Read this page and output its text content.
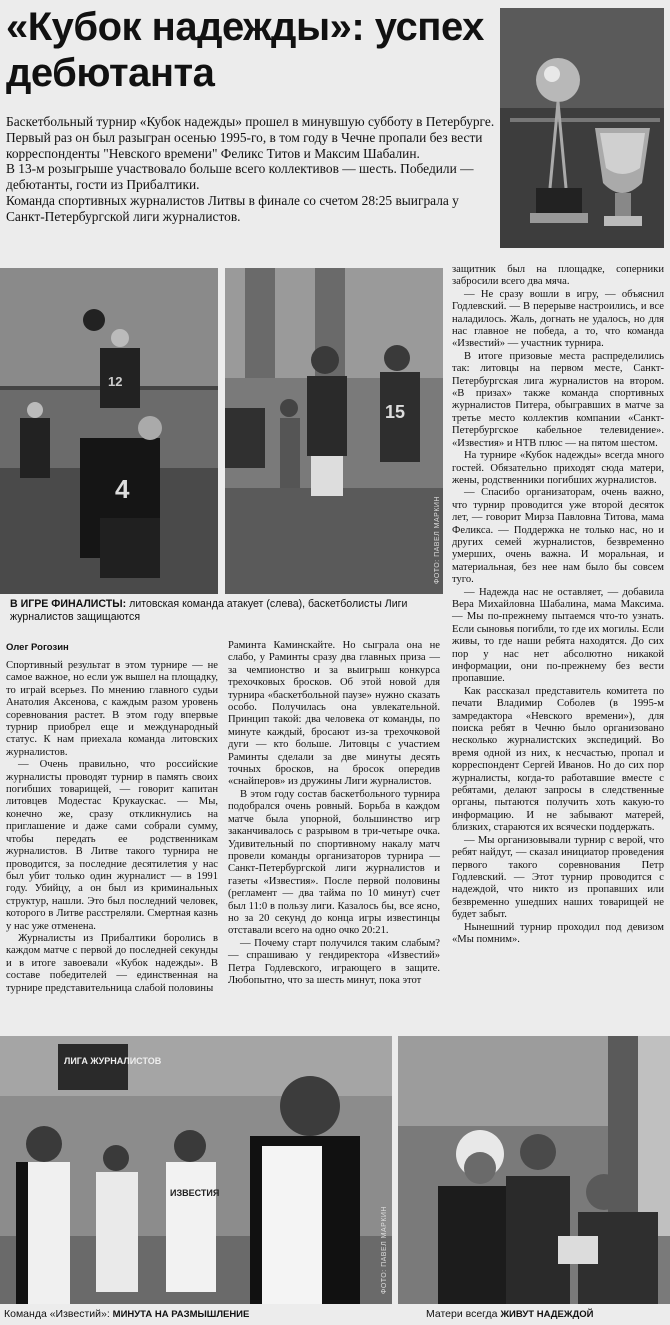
«Кубок надежды»: успех дебютанта

Баскетбольный турнир «Кубок надежды» прошел в минувшую субботу в Петербурге. Первый раз он был разыгран осенью 1995-го, в том году в Чечне пропали без вести корреспонденты "Невского времени" Феликс Титов и Максим Шабалин.

В 13-м розыгрыше участвовало больше всего коллективов — шесть. Победили — дебютанты, гости из Прибалтики.

Команда спортивных журналистов Литвы в финале со счетом 28:25 выиграла у Санкт-Петербургской лиги журналистов.

4
12
15
ФОТО: ПАВЕЛ МАРКИН
В ИГРЕ ФИНАЛИСТЫ: литовская команда атакует (слева), баскетболисты Лиги журналистов защищаются
Олег Рогозин

Спортивный результат в этом турнире — не самое важное, но если уж вышел на площадку, то играй всерьез. По мнению главного судьи Анатолия Аксенова, с каждым разом уровень соревнования растет. В этом году впервые турнир приобрел еще и международный статус. К нам приехала команда литовских журналистов.

— Очень правильно, что российские журналисты проводят турнир в память своих погибших товарищей, — говорит капитан литовцев Модестас Крукаускас. — Мы, конечно же, сразу откликнулись на приглашение и даже сами собрали сумму, чтобы передать ее родственникам журналистов. В Литве такого турнира не проводится, за последние десятилетия у нас был убит только один журналист — в 1991 году. Убийцу, а он был из криминальных структур, нашли. Это был последний человек, которого в Литве расстреляли. Смертная казнь у нас уже отменена.

Журналисты из Прибалтики боролись в каждом матче с первой до последней секунды и в итоге завоевали «Кубок надежды». В составе победителей — единственная на турнире представительница слабой половины

Раминта Каминскайте. Но сыграла она не слабо, у Раминты сразу два главных приза — за чемпионство и за выигрыш конкурса трехочковых бросков. Об этой новой для турнира «баскетбольной паузе» нужно сказать особо. Получилась она увлекательной. Принцип такой: два человека от команды, по минуте каждый, бросают из-за трехочковой дуги — кто больше. Литовцы с участием Раминты сделали за две минуты десять точных бросков, на бросок опередив «снайперов» из дружины Лиги журналистов.

В этом году состав баскетбольного турнира подобрался очень ровный. Борьба в каждом матче была упорной, большинство игр заканчивалось с разрывом в три-четыре очка. Удивительный по спортивному накалу матч провели команды организаторов турнира — Санкт-Петербургской лиги журналистов и газеты «Известия». После первой половины (регламент — два тайма по 10 минут) счет был 11:0 в пользу лиги. Казалось бы, все ясно, но за 20 секунд до конца игры известинцы отставали всего на одно очко 20:21.

— Почему старт получился таким слабым? — спрашиваю у гендиректора «Известий» Петра Годлевского, играющего в защите. Любопытно, что за шесть минут, пока этот

защитник был на площадке, соперники забросили всего два мяча.

— Не сразу вошли в игру, — объяснил Годлевский. — В перерыве настроились, и все наладилось. Жаль, догнать не удалось, но для нас главное не победа, а то, что команда «Известий» — участник турнира.

В итоге призовые места распределились так: литовцы на первом месте, Санкт-Петербургская лига журналистов на втором. «В призах» также команда спортивных журналистов Питера, обыгравших в матче за третье место коллектив компании «Санкт-Петербургское кабельное телевидение». «Известия» и НТВ плюс — на пятом шестом.

На турнире «Кубок надежды» всегда много гостей. Обязательно приходят сюда матери, жены, родственники погибших журналистов.

— Спасибо организаторам, очень важно, что турнир проводится уже второй десяток лет, — говорит Мирза Павловна Титова, мама Феликса. — Поддержка не только нас, но и других семей журналистов, безвременно умерших, очень важна. И моральная, и материальная, без нее нам было бы совсем туго.

— Надежда нас не оставляет, — добавила Вера Михайловна Шабалина, мама Максима. — Мы по-прежнему пытаемся что-то узнать. Если сыновья погибли, то где их могилы. Если живы, то где наши ребята находятся. До сих пор у нас нет абсолютно никакой информации, они по-прежнему без вести пропавшие.

Как рассказал представитель комитета по печати Владимир Соболев (в 1995-м замредактора «Невского времени»), для поиска ребят в Чечню было организовано несколько журналистских экспедиций. Во время одной из них, к несчастью, пропал и корреспондент Сергей Иванов. Но до сих пор журналисты, когда-то работавшие вместе с ребятами, делают запросы в следственные органы, пытаются получить хоть какую-то информацию. И не забывают матерей, близких, стараются их всячески поддержать.

— Мы организовывали турнир с верой, что ребят найдут, — сказал инициатор проведения первого такого соревнования Петр Годлевский. — Этот турнир проводится с надеждой, что никто из пропавших или безвременно ушедших наших товарищей не будет забыт.

Нынешний турнир проходил под девизом «Мы помним».

ЛИГА ЖУРНАЛИСТОВ
ИЗВЕСТИЯ
ФОТО: ПАВЕЛ МАРКИН
Команда «Известий»: МИНУТА НА РАЗМЫШЛЕНИЕ	Матери всегда ЖИВУТ НАДЕЖДОЙ
